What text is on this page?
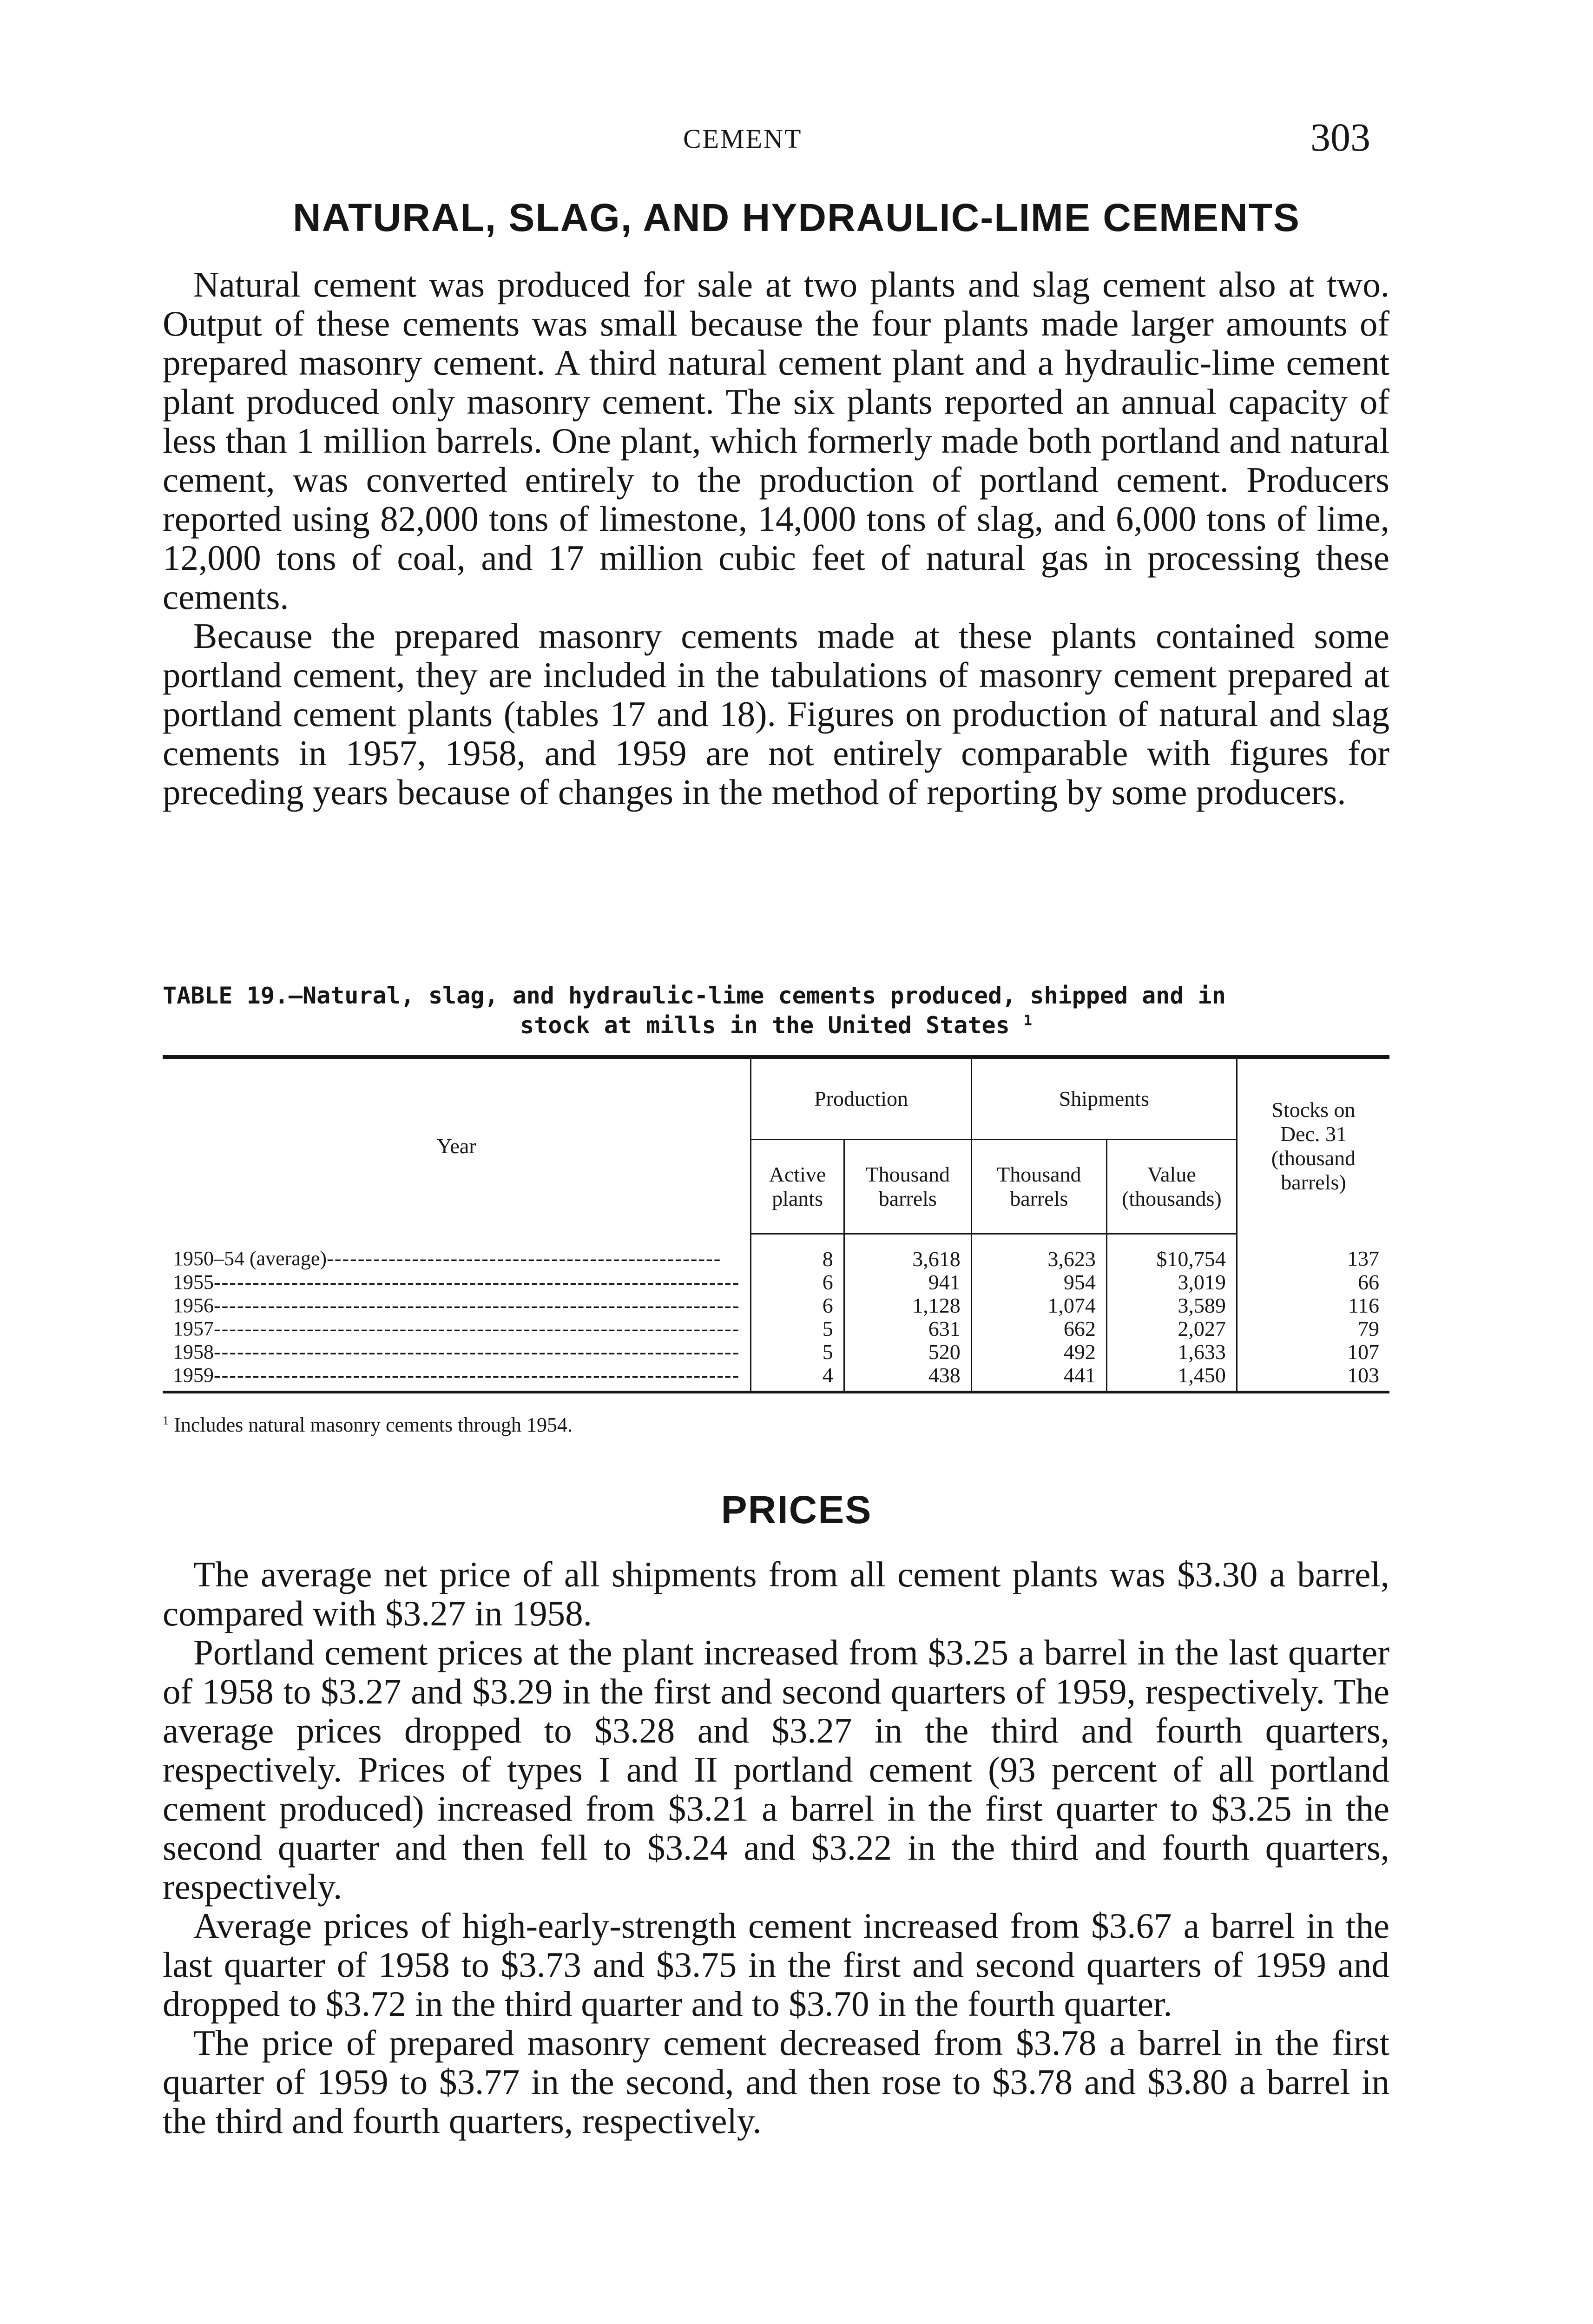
CEMENT	303
NATURAL, SLAG, AND HYDRAULIC-LIME CEMENTS

Natural cement was produced for sale at two plants and slag cement also at two. Output of these cements was small because the four plants made larger amounts of prepared masonry cement. A third natural cement plant and a hydraulic-lime cement plant produced only masonry cement. The six plants reported an annual capacity of less than 1 million barrels. One plant, which formerly made both portland and natural cement, was converted entirely to the production of portland cement. Producers reported using 82,000 tons of limestone, 14,000 tons of slag, and 6,000 tons of lime, 12,000 tons of coal, and 17 million cubic feet of natural gas in processing these cements.

Because the prepared masonry cements made at these plants contained some portland cement, they are included in the tabulations of masonry cement prepared at portland cement plants (tables 17 and 18). Figures on production of natural and slag cements in 1957, 1958, and 1959 are not entirely comparable with figures for preceding years because of changes in the method of reporting by some producers.

TABLE 19.—Natural, slag, and hydraulic-lime cements produced, shipped and in
stock at mills in the United States $^1$
Year	Production		Shipments		Stocks on Dec. 31 (thousand barrels)
	Active plants	Thousand barrels	Thousand barrels	Value (thousands)	
1950–54 (average)---------------------------------------------------	8	3,618	3,623	$10,754	137
1955--------------------------------------------------------------------	6	941	954	3,019	66
1956--------------------------------------------------------------------	6	1,128	1,074	3,589	116
1957--------------------------------------------------------------------	5	631	662	2,027	79
1958--------------------------------------------------------------------	5	520	492	1,633	107
1959--------------------------------------------------------------------	4	438	441	1,450	103
$^1$ Includes natural masonry cements through 1954.
PRICES

The average net price of all shipments from all cement plants was $3.30 a barrel, compared with $3.27 in 1958.

Portland cement prices at the plant increased from $3.25 a barrel in the last quarter of 1958 to $3.27 and $3.29 in the first and second quarters of 1959, respectively. The average prices dropped to $3.28 and $3.27 in the third and fourth quarters, respectively. Prices of types I and II portland cement (93 percent of all portland cement produced) increased from $3.21 a barrel in the first quarter to $3.25 in the second quarter and then fell to $3.24 and $3.22 in the third and fourth quarters, respectively.

Average prices of high-early-strength cement increased from $3.67 a barrel in the last quarter of 1958 to $3.73 and $3.75 in the first and second quarters of 1959 and dropped to $3.72 in the third quarter and to $3.70 in the fourth quarter.

The price of prepared masonry cement decreased from $3.78 a barrel in the first quarter of 1959 to $3.77 in the second, and then rose to $3.78 and $3.80 a barrel in the third and fourth quarters, respectively.
